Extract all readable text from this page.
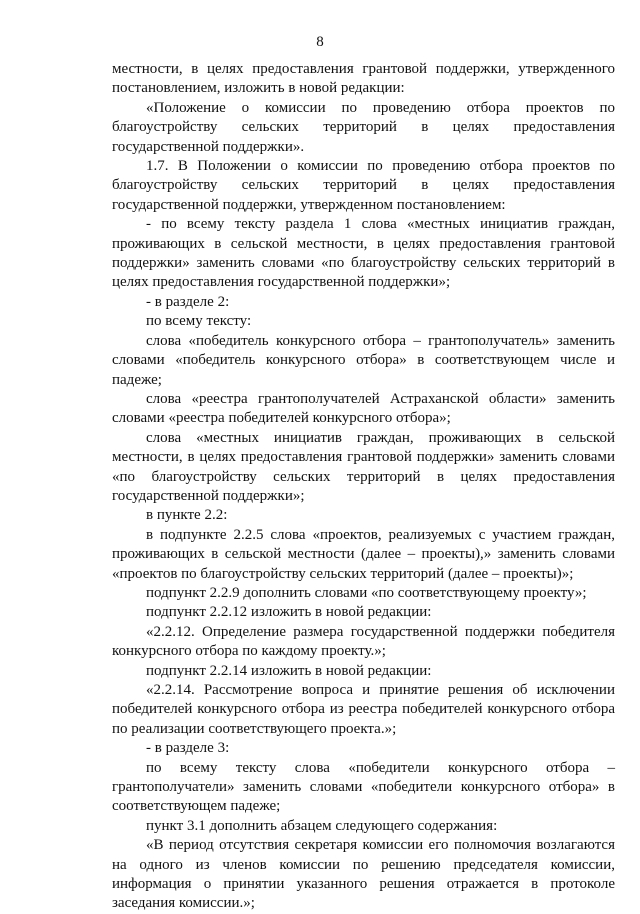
8

местности, в целях предоставления грантовой поддержки, утвержденного постановлением, изложить в новой редакции:

«Положение о комиссии по проведению отбора проектов по благоустройству сельских территорий в целях предоставления государственной поддержки».

1.7. В Положении о комиссии по проведению отбора проектов по благоустройству сельских территорий в целях предоставления государственной поддержки, утвержденном постановлением:

- по всему тексту раздела 1 слова «местных инициатив граждан, проживающих в сельской местности, в целях предоставления грантовой поддержки» заменить словами «по благоустройству сельских территорий в целях предоставления государственной поддержки»;

- в разделе 2:

по всему тексту:

слова «победитель конкурсного отбора – грантополучатель» заменить словами «победитель конкурсного отбора» в соответствующем числе и падеже;

слова «реестра грантополучателей Астраханской области» заменить словами «реестра победителей конкурсного отбора»;

слова «местных инициатив граждан, проживающих в сельской местности, в целях предоставления грантовой поддержки» заменить словами «по благоустройству сельских территорий в целях предоставления государственной поддержки»;

в пункте 2.2:

в подпункте 2.2.5 слова «проектов, реализуемых с участием граждан, проживающих в сельской местности (далее – проекты),» заменить словами «проектов по благоустройству сельских территорий (далее – проекты)»;

подпункт 2.2.9 дополнить словами «по соответствующему проекту»;

подпункт 2.2.12 изложить в новой редакции:

«2.2.12. Определение размера государственной поддержки победителя конкурсного отбора по каждому проекту.»;

подпункт 2.2.14 изложить в новой редакции:

«2.2.14. Рассмотрение вопроса и принятие решения об исключении победителей конкурсного отбора из реестра победителей конкурсного отбора по реализации соответствующего проекта.»;

- в разделе 3:

по всему тексту слова «победители конкурсного отбора – грантополучатели» заменить словами «победители конкурсного отбора» в соответствующем падеже;

пункт 3.1 дополнить абзацем следующего содержания:

«В период отсутствия секретаря комиссии его полномочия возлагаются на одного из членов комиссии по решению председателя комиссии, информация о принятии указанного решения отражается в протоколе заседания комиссии.»;
